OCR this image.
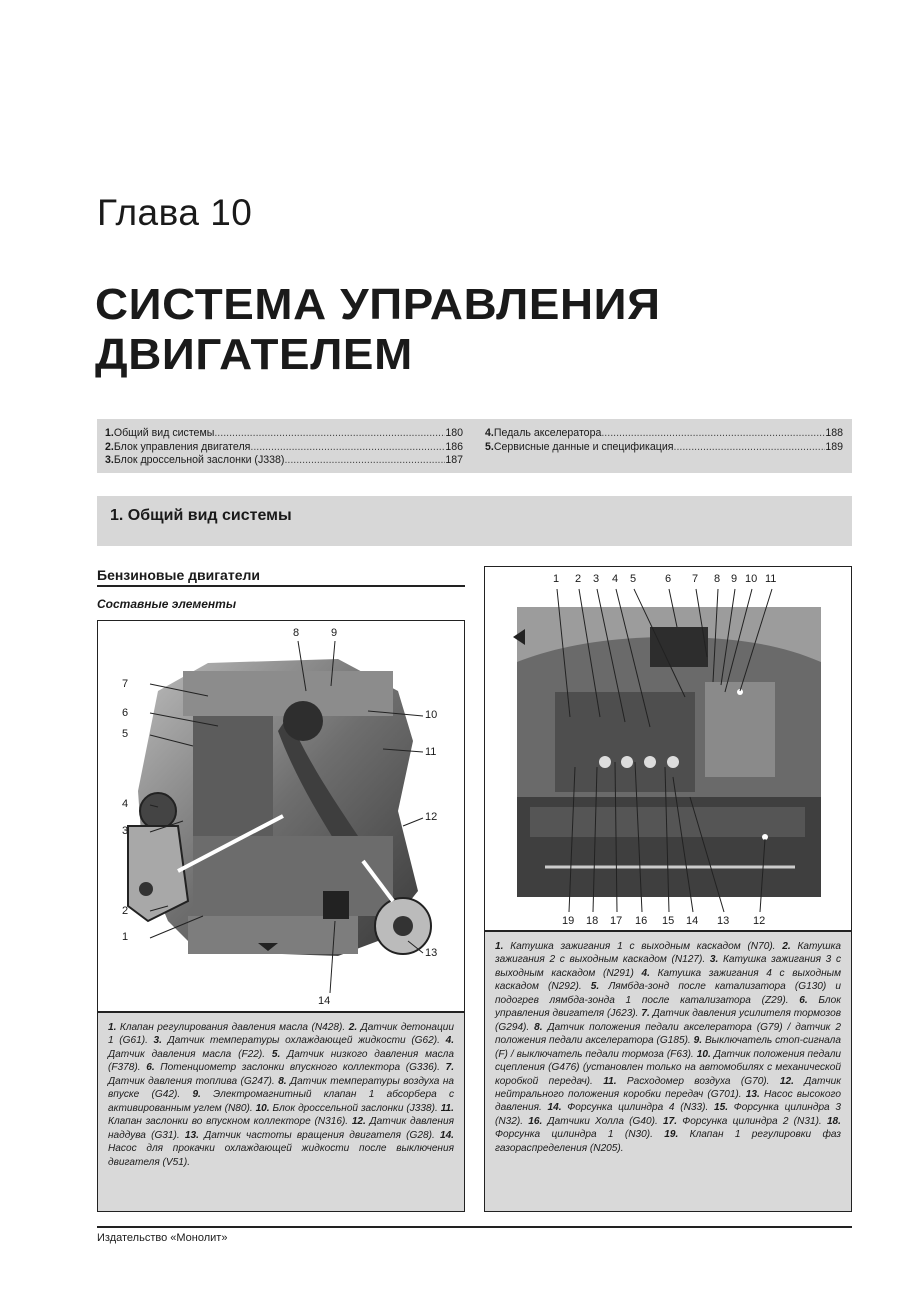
Глава 10
СИСТЕМА УПРАВЛЕНИЯ
ДВИГАТЕЛЕМ
1.Общий вид системы .....	180
2.Блок управления двигателя .....	186
3.Блок дроссельной заслонки (J338) .....	187
4.Педаль акселератора .....	188
5.Сервисные данные и спецификация .....	189
1. Общий вид системы
Бензиновые двигатели
Составные элементы
1
2
3
4
5
6
7
8	9
10
11
12
13
14
1. Клапан регулирования давления масла (N428). 2. Датчик детонации 1 (G61). 3. Датчик температуры охлаждающей жидкости (G62). 4. Датчик давления масла (F22). 5. Датчик низкого давления масла (F378). 6. Потенциометр заслонки впускного коллектора (G336). 7. Датчик давления топлива (G247). 8. Датчик температуры воздуха на впуске (G42). 9. Электромагнитный клапан 1 абсорбера с активированным углем (N80). 10. Блок дроссельной заслонки (J338). 11. Клапан заслонки во впускном коллекторе (N316). 12. Датчик давления наддува (G31). 13. Датчик частоты вращения двигателя (G28). 14. Насос для прокачки охлаждающей жидкости после выключения двигателя (V51).
1 2 3 4 5	6 7 8 9 10 11
19 18 17 16 15 14 13 12
1. Катушка зажигания 1 с выходным каскадом (N70). 2. Катушка зажигания 2 с выходным каскадом (N127). 3. Катушка зажигания 3 с выходным каскадом (N291) 4. Катушка зажигания 4 с выходным каскадом (N292). 5. Лямбда-зонд после катализатора (G130) и подогрев лямбда-зонда 1 после катализатора (Z29). 6. Блок управления двигателя (J623). 7. Датчик давления усилителя тормозов (G294). 8. Датчик положения педали акселератора (G79) / датчик 2 положения педали акселератора (G185). 9. Выключатель стоп-сигнала (F) / выключатель педали тормоза (F63). 10. Датчик положения педали сцепления (G476) (установлен только на автомобилях с механической коробкой передач). 11. Расходомер воздуха (G70). 12. Датчик нейтрального положения коробки передач (G701). 13. Насос высокого давления. 14. Форсунка цилиндра 4 (N33). 15. Форсунка цилиндра 3 (N32). 16. Датчики Холла (G40). 17. Форсунка цилиндра 2 (N31). 18. Форсунка цилиндра 1 (N30). 19. Клапан 1 регулировки фаз газораспределения (N205).
Издательство «Монолит»
